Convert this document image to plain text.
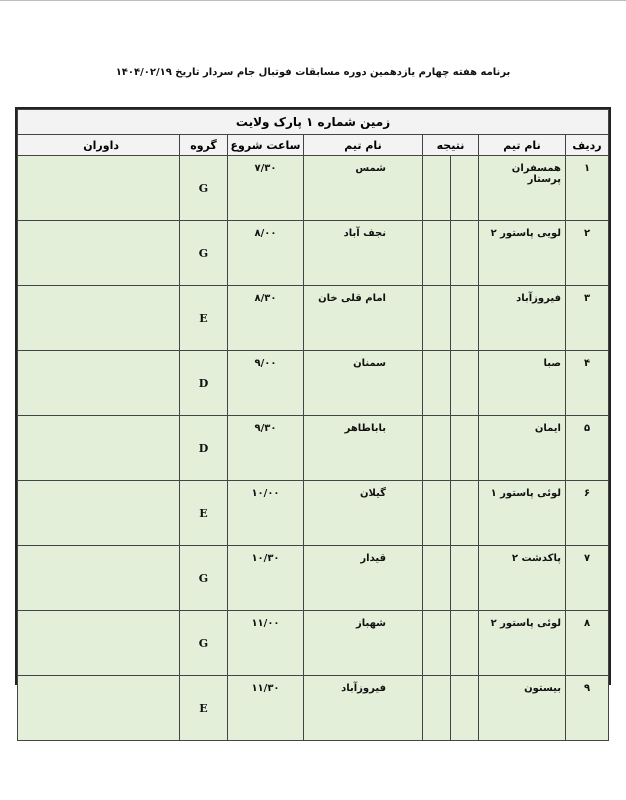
برنامه هفته چهارم یازدهمین دوره مسابقات فوتبال جام سردار تاریخ ۱۴۰۴/۰۲/۱۹
زمین شماره ۱ پارک ولایت							
ردیف	نام تیم	نتیجه		نام تیم	ساعت شروع	گروه	داوران
۱	همسفران پرستار			شمس	۷/۳۰	G	
۲	لویی پاستور ۲			نجف آباد	۸/۰۰	G	
۳	فیروزآباد			امام قلی خان	۸/۳۰	E	
۴	صبا			سمنان	۹/۰۰	D	
۵	ایمان			باباطاهر	۹/۳۰	D	
۶	لوئی پاستور ۱			گیلان	۱۰/۰۰	E	
۷	پاکدشت ۲			قیدار	۱۰/۳۰	G	
۸	لوئی پاستور ۲			شهباز	۱۱/۰۰	G	
۹	بیستون			فیروزآباد	۱۱/۳۰	E	
